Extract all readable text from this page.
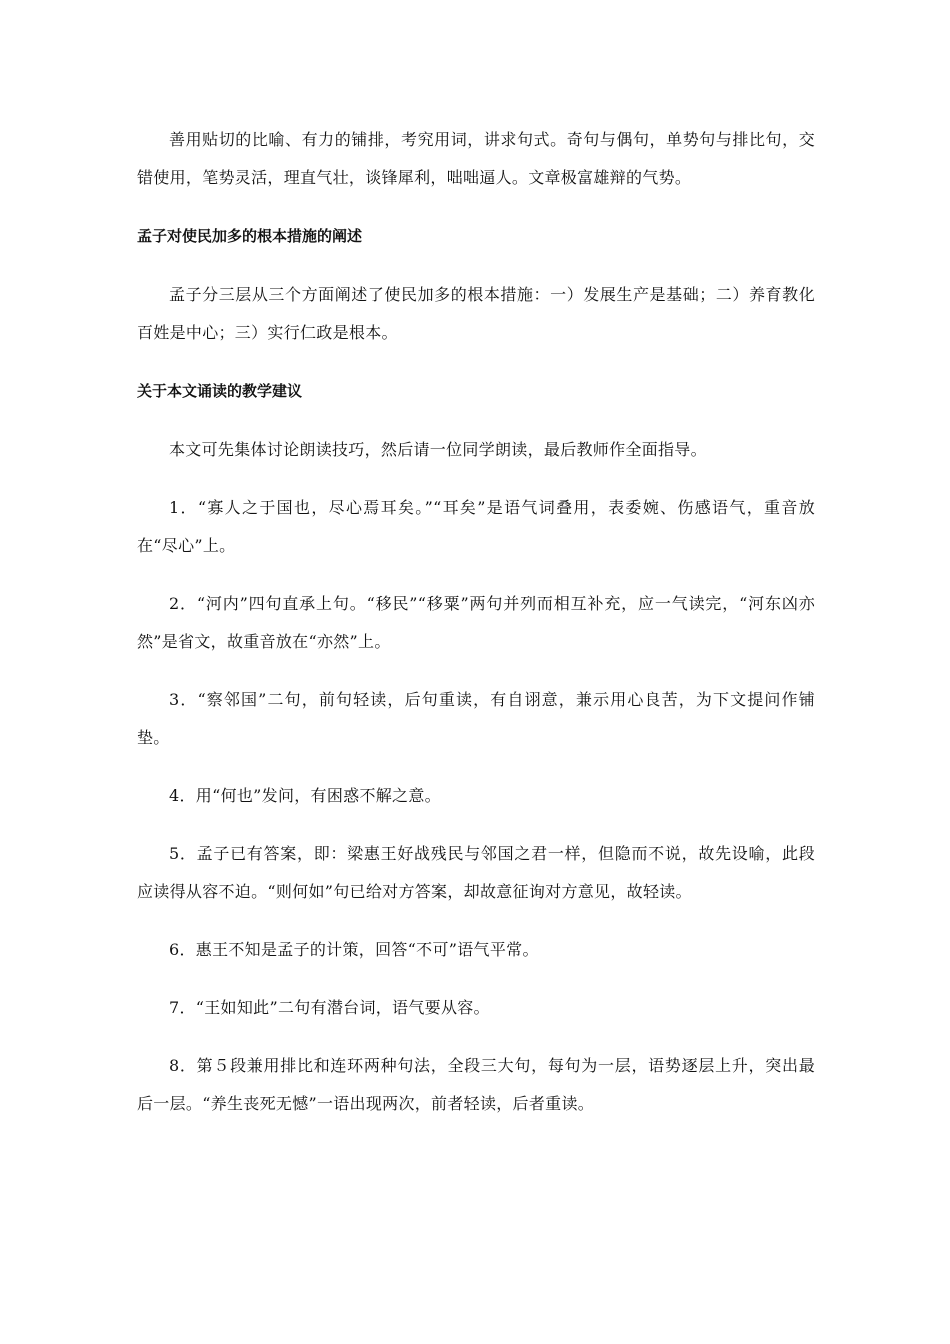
善用贴切的比喻、有力的铺排，考究用词，讲求句式。奇句与偶句，单势句与排比句，交错使用，笔势灵活，理直气壮，谈锋犀利，咄咄逼人。文章极富雄辩的气势。

孟子对使民加多的根本措施的阐述

孟子分三层从三个方面阐述了使民加多的根本措施：一）发展生产是基础；二）养育教化百姓是中心；三）实行仁政是根本。

关于本文诵读的教学建议

本文可先集体讨论朗读技巧，然后请一位同学朗读，最后教师作全面指导。

1．“寡人之于国也，尽心焉耳矣。”“耳矣”是语气词叠用，表委婉、伤感语气，重音放在“尽心”上。

2．“河内”四句直承上句。“移民”“移粟”两句并列而相互补充，应一气读完，“河东凶亦然”是省文，故重音放在“亦然”上。

3．“察邻国”二句，前句轻读，后句重读，有自诩意，兼示用心良苦，为下文提问作铺垫。

4．用“何也”发问，有困惑不解之意。

5．孟子已有答案，即：梁惠王好战残民与邻国之君一样，但隐而不说，故先设喻，此段应读得从容不迫。“则何如”句已给对方答案，却故意征询对方意见，故轻读。

6．惠王不知是孟子的计策，回答“不可”语气平常。

7．“王如知此”二句有潜台词，语气要从容。

8．第５段兼用排比和连环两种句法，全段三大句，每句为一层，语势逐层上升，突出最后一层。“养生丧死无憾”一语出现两次，前者轻读，后者重读。
